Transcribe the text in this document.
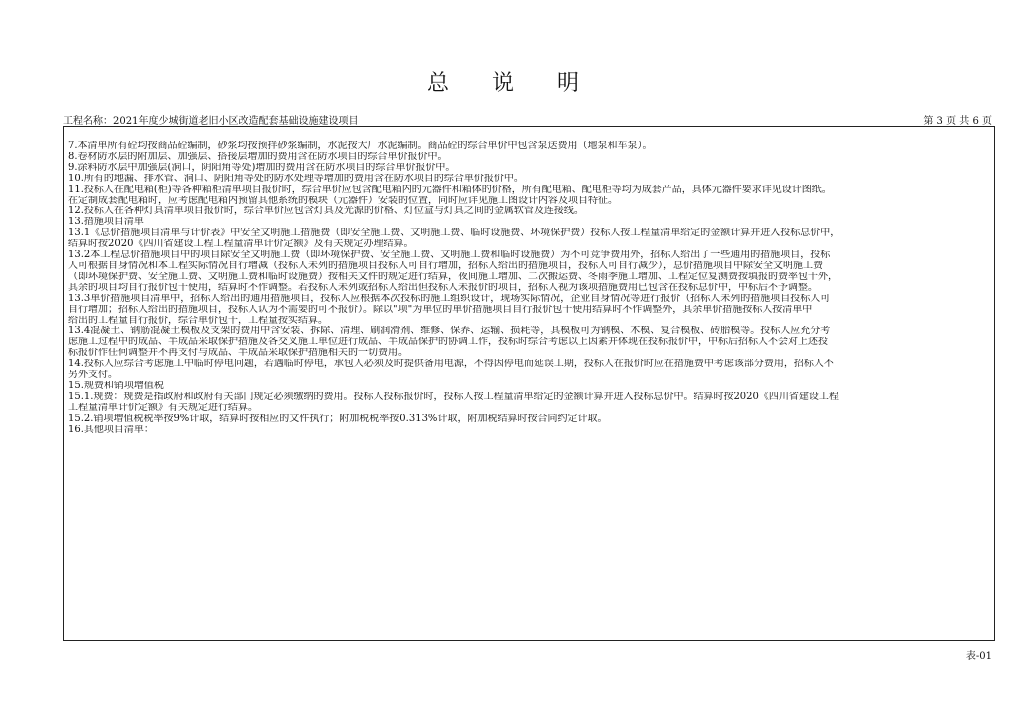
总 说 明
工程名称：2021年度少城街道老旧小区改造配套基础设施建设项目	第 3 页 共 6 页
7.本清单所有砼均按商品砼编制，砂浆均按预拌砂浆编制，水泥按大厂水泥编制。商品砼的综合单价中包含泵送费用（地泵和车泵）。
8.卷材防水层的附加层、加强层、搭接层增加的费用含在防水项目的综合单价报价中。
9.涂料防水层中加强层(洞口，阴阳角等处)增加的费用含在防水项目的综合单价报价中。
10.所有的地漏、排水管、洞口、阴阳角等处的防水处理等增加的费用含在防水项目的综合单价报价中。
11.投标人在配电箱(柜)等各种箱柜清单项目报价时，综合单价应包含配电箱内的元器件和箱体的价格，所有配电箱、配电柜等均为成套产品，具体元器件要求详见设计图纸。
在定制成套配电箱时，应考虑配电箱内预留其他系统的模块（元器件）安装的位置，同时应详见施工图设计内容及项目特征。
12.投标人在各种灯具清单项目报价时，综合单价应包含灯具及光源的价格、灯位盒与灯具之间的金属软管及连接线。
13.措施项目清单
13.1《总价措施项目清单与计价表》中安全文明施工措施费（即安全施工费、文明施工费、临时设施费、环境保护费）投标人按工程量清单给定的金额计算并进入投标总价中，
结算时按2020《四川省建设工程工程量清单计价定额》及有关规定办理结算。
13.2本工程总价措施项目中的项目除安全文明施工费（即环境保护费、安全施工费、文明施工费和临时设施费）为不可竞争费用外，招标人给出了一些通用的措施项目，投标
人可根据自身情况和本工程实际情况自行增减（投标人未列的措施项目投标人可自行增加，招标人给出的措施项目，投标人可自行减少），总价措施项目中除安全文明施工费
（即环境保护费、安全施工费、文明施工费和临时设施费）按相关文件的规定进行结算，夜间施工增加、二次搬运费、冬雨季施工增加、工程定位复测费按填报的费率包干外，
其余的项目均自行报价包干使用，结算时不作调整。若投标人未列或招标人给出但投标人未报价的项目，招标人视为该项措施费用已包含在投标总价中，中标后不予调整。
13.3单价措施项目清单中，招标人给出的通用措施项目，投标人应根据本次投标的施工组织设计，现场实际情况，企业自身情况等进行报价（招标人未列的措施项目投标人可
自行增加；招标人给出的措施项目，投标人认为不需要的可不报价）。除以"项"为单位的单价措施项目自行报价包干使用结算时不作调整外，其余单价措施按标人按清单中
给出的工程量自行报价，综合单价包干，工程量按实结算。
13.4混凝土、钢筋混凝土模板及支架的费用中含安装、拆除、清理、刷润滑剂、维修、保养、运输、损耗等，其模板可为钢模、木模、复合模板、砖胎模等。投标人应充分考
虑施工过程中的成品、半成品采取保护措施及各交叉施工单位进行成品、半成品保护的协调工作，投标时综合考虑以上因素并体现在投标报价中，中标后招标人不会对上述投
标报价作任何调整并不再支付与成品、半成品采取保护措施相关的一切费用。
14.投标人应综合考虑施工中临时停电问题，若遇临时停电，承包人必须及时提供备用电源，不得因停电而延误工期，投标人在报价时应在措施费中考虑该部分费用，招标人不
另外支付。
15.规费和销项增值税
15.1.规费：规费是指政府和政府有关部门规定必须缴纳的费用。投标人投标报价时，投标人按工程量清单给定的金额计算并进入投标总价中。结算时按2020《四川省建设工程
工程量清单计价定额》有关规定进行结算。
15.2.销项增值税税率按9%计取，结算时按相应的文件执行；附加税税率按0.313%计取，附加税结算时按合同约定计取。
16.其他项目清单：
表-01
